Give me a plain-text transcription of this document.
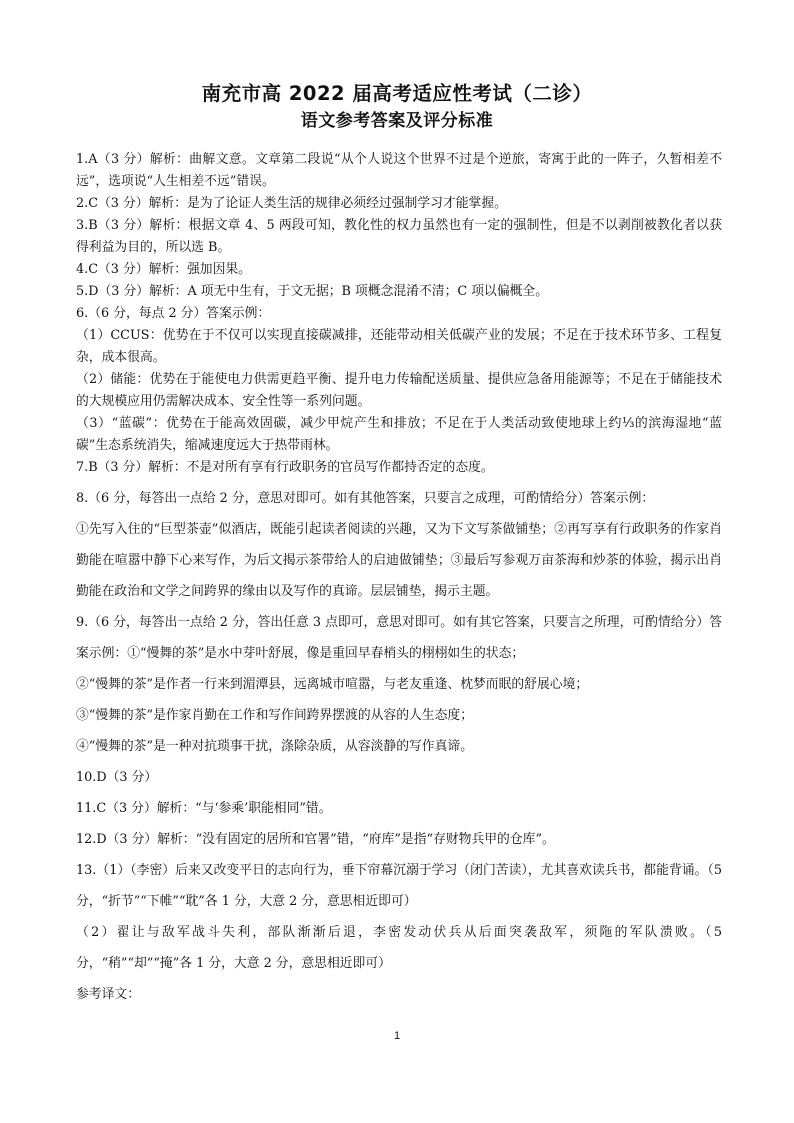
南充市高 2022 届高考适应性考试（二诊）
语文参考答案及评分标准

1.A（3 分）解析：曲解文意。文章第二段说“从个人说这个世界不过是个逆旅，寄寓于此的一阵子，久暂相差不远”，选项说“人生相差不远”错误。

2.C（3 分）解析：是为了论证人类生活的规律必须经过强制学习才能掌握。

3.B（3 分）解析：根据文章 4、5 两段可知，教化性的权力虽然也有一定的强制性，但是不以剥削被教化者以获得利益为目的，所以选 B。

4.C（3 分）解析：强加因果。

5.D（3 分）解析：A 项无中生有，于文无据；B 项概念混淆不清；C 项以偏概全。

6.（6 分，每点 2 分）答案示例：

（1）CCUS：优势在于不仅可以实现直接碳减排，还能带动相关低碳产业的发展；不足在于技术环节多、工程复杂，成本很高。

（2）储能：优势在于能使电力供需更趋平衡、提升电力传输配送质量、提供应急备用能源等；不足在于储能技术的大规模应用仍需解决成本、安全性等一系列问题。

（3）“蓝碳”：优势在于能高效固碳，减少甲烷产生和排放；不足在于人类活动致使地球上约⅓的滨海湿地“蓝碳”生态系统消失，缩减速度远大于热带雨林。

7.B（3 分）解析：不是对所有享有行政职务的官员写作都持否定的态度。

8.（6 分，每答出一点给 2 分，意思对即可。如有其他答案，只要言之成理，可酌情给分）答案示例：

①先写入住的“巨型茶壶”似酒店，既能引起读者阅读的兴趣，又为下文写茶做铺垫；②再写享有行政职务的作家肖勤能在喧嚣中静下心来写作，为后文揭示茶带给人的启迪做铺垫；③最后写参观万亩茶海和炒茶的体验，揭示出肖勤能在政治和文学之间跨界的缘由以及写作的真谛。层层铺垫，揭示主题。

9.（6 分，每答出一点给 2 分，答出任意 3 点即可，意思对即可。如有其它答案，只要言之所理，可酌情给分）答案示例：①“慢舞的茶”是水中芽叶舒展，像是重回早春梢头的栩栩如生的状态；

②“慢舞的茶”是作者一行来到湄潭县，远离城市喧嚣，与老友重逢、枕梦而眠的舒展心境；

③“慢舞的茶”是作家肖勤在工作和写作间跨界摆渡的从容的人生态度；

④“慢舞的茶”是一种对抗琐事干扰，涤除杂质，从容淡静的写作真谛。

10.D（3 分）

11.C（3 分）解析：“与‘参乘’职能相同”错。

12.D（3 分）解析：“没有固定的居所和官署”错，“府库”是指“存财物兵甲的仓库”。

13.（1）（李密）后来又改变平日的志向行为，垂下帘幕沉溺于学习（闭门苦读），尤其喜欢读兵书，都能背诵。（5 分，“折节”“下帷”“耽”各 1 分，大意 2 分，意思相近即可）

（2）翟让与敌军战斗失利，部队渐渐后退，李密发动伏兵从后面突袭敌军，须陁的军队溃败。（5 分，“稍”“却”“掩”各 1 分，大意 2 分，意思相近即可）

参考译文：

1
